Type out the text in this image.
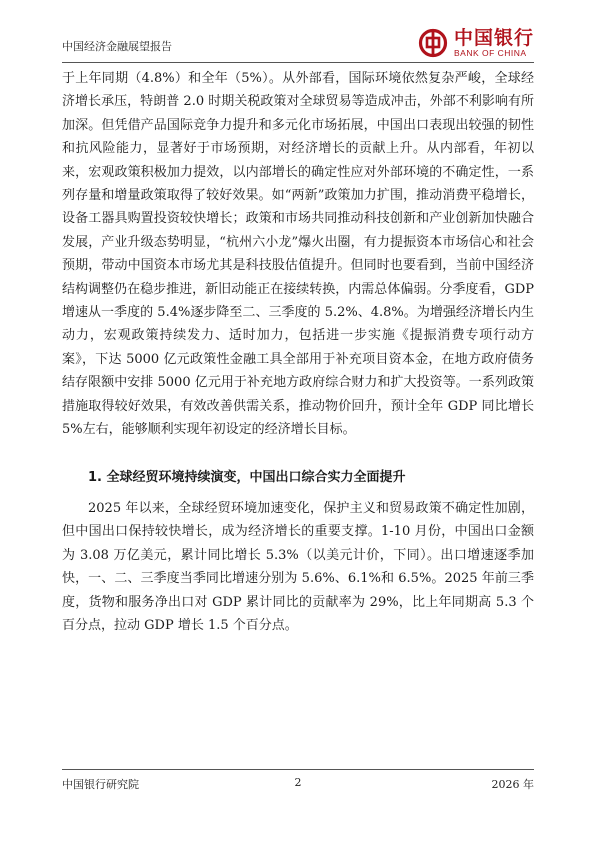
中国经济金融展望报告	中国银行
BANK OF CHINA

于上年同期（4.8%）和全年（5%）。从外部看，国际环境依然复杂严峻，全球经济增长承压，特朗普 2.0 时期关税政策对全球贸易等造成冲击，外部不利影响有所加深。但凭借产品国际竞争力提升和多元化市场拓展，中国出口表现出较强的韧性和抗风险能力，显著好于市场预期，对经济增长的贡献上升。从内部看，年初以来，宏观政策积极加力提效，以内部增长的确定性应对外部环境的不确定性，一系列存量和增量政策取得了较好效果。如“两新”政策加力扩围，推动消费平稳增长，设备工器具购置投资较快增长；政策和市场共同推动科技创新和产业创新加快融合发展，产业升级态势明显，“杭州六小龙”爆火出圈，有力提振资本市场信心和社会预期，带动中国资本市场尤其是科技股估值提升。但同时也要看到，当前中国经济结构调整仍在稳步推进，新旧动能正在接续转换，内需总体偏弱。分季度看，GDP 增速从一季度的 5.4%逐步降至二、三季度的 5.2%、4.8%。为增强经济增长内生动力，宏观政策持续发力、适时加力，包括进一步实施《提振消费专项行动方案》，下达 5000 亿元政策性金融工具全部用于补充项目资本金，在地方政府债务结存限额中安排 5000 亿元用于补充地方政府综合财力和扩大投资等。一系列政策措施取得较好效果，有效改善供需关系，推动物价回升，预计全年 GDP 同比增长 5%左右，能够顺利实现年初设定的经济增长目标。

1. 全球经贸环境持续演变，中国出口综合实力全面提升

2025 年以来，全球经贸环境加速变化，保护主义和贸易政策不确定性加剧，但中国出口保持较快增长，成为经济增长的重要支撑。1-10 月份，中国出口金额为 3.08 万亿美元，累计同比增长 5.3%（以美元计价，下同）。出口增速逐季加快，一、二、三季度当季同比增速分别为 5.6%、6.1%和 6.5%。2025 年前三季度，货物和服务净出口对 GDP 累计同比的贡献率为 29%，比上年同期高 5.3 个百分点，拉动 GDP 增长 1.5 个百分点。

中国银行研究院	2	2026 年
